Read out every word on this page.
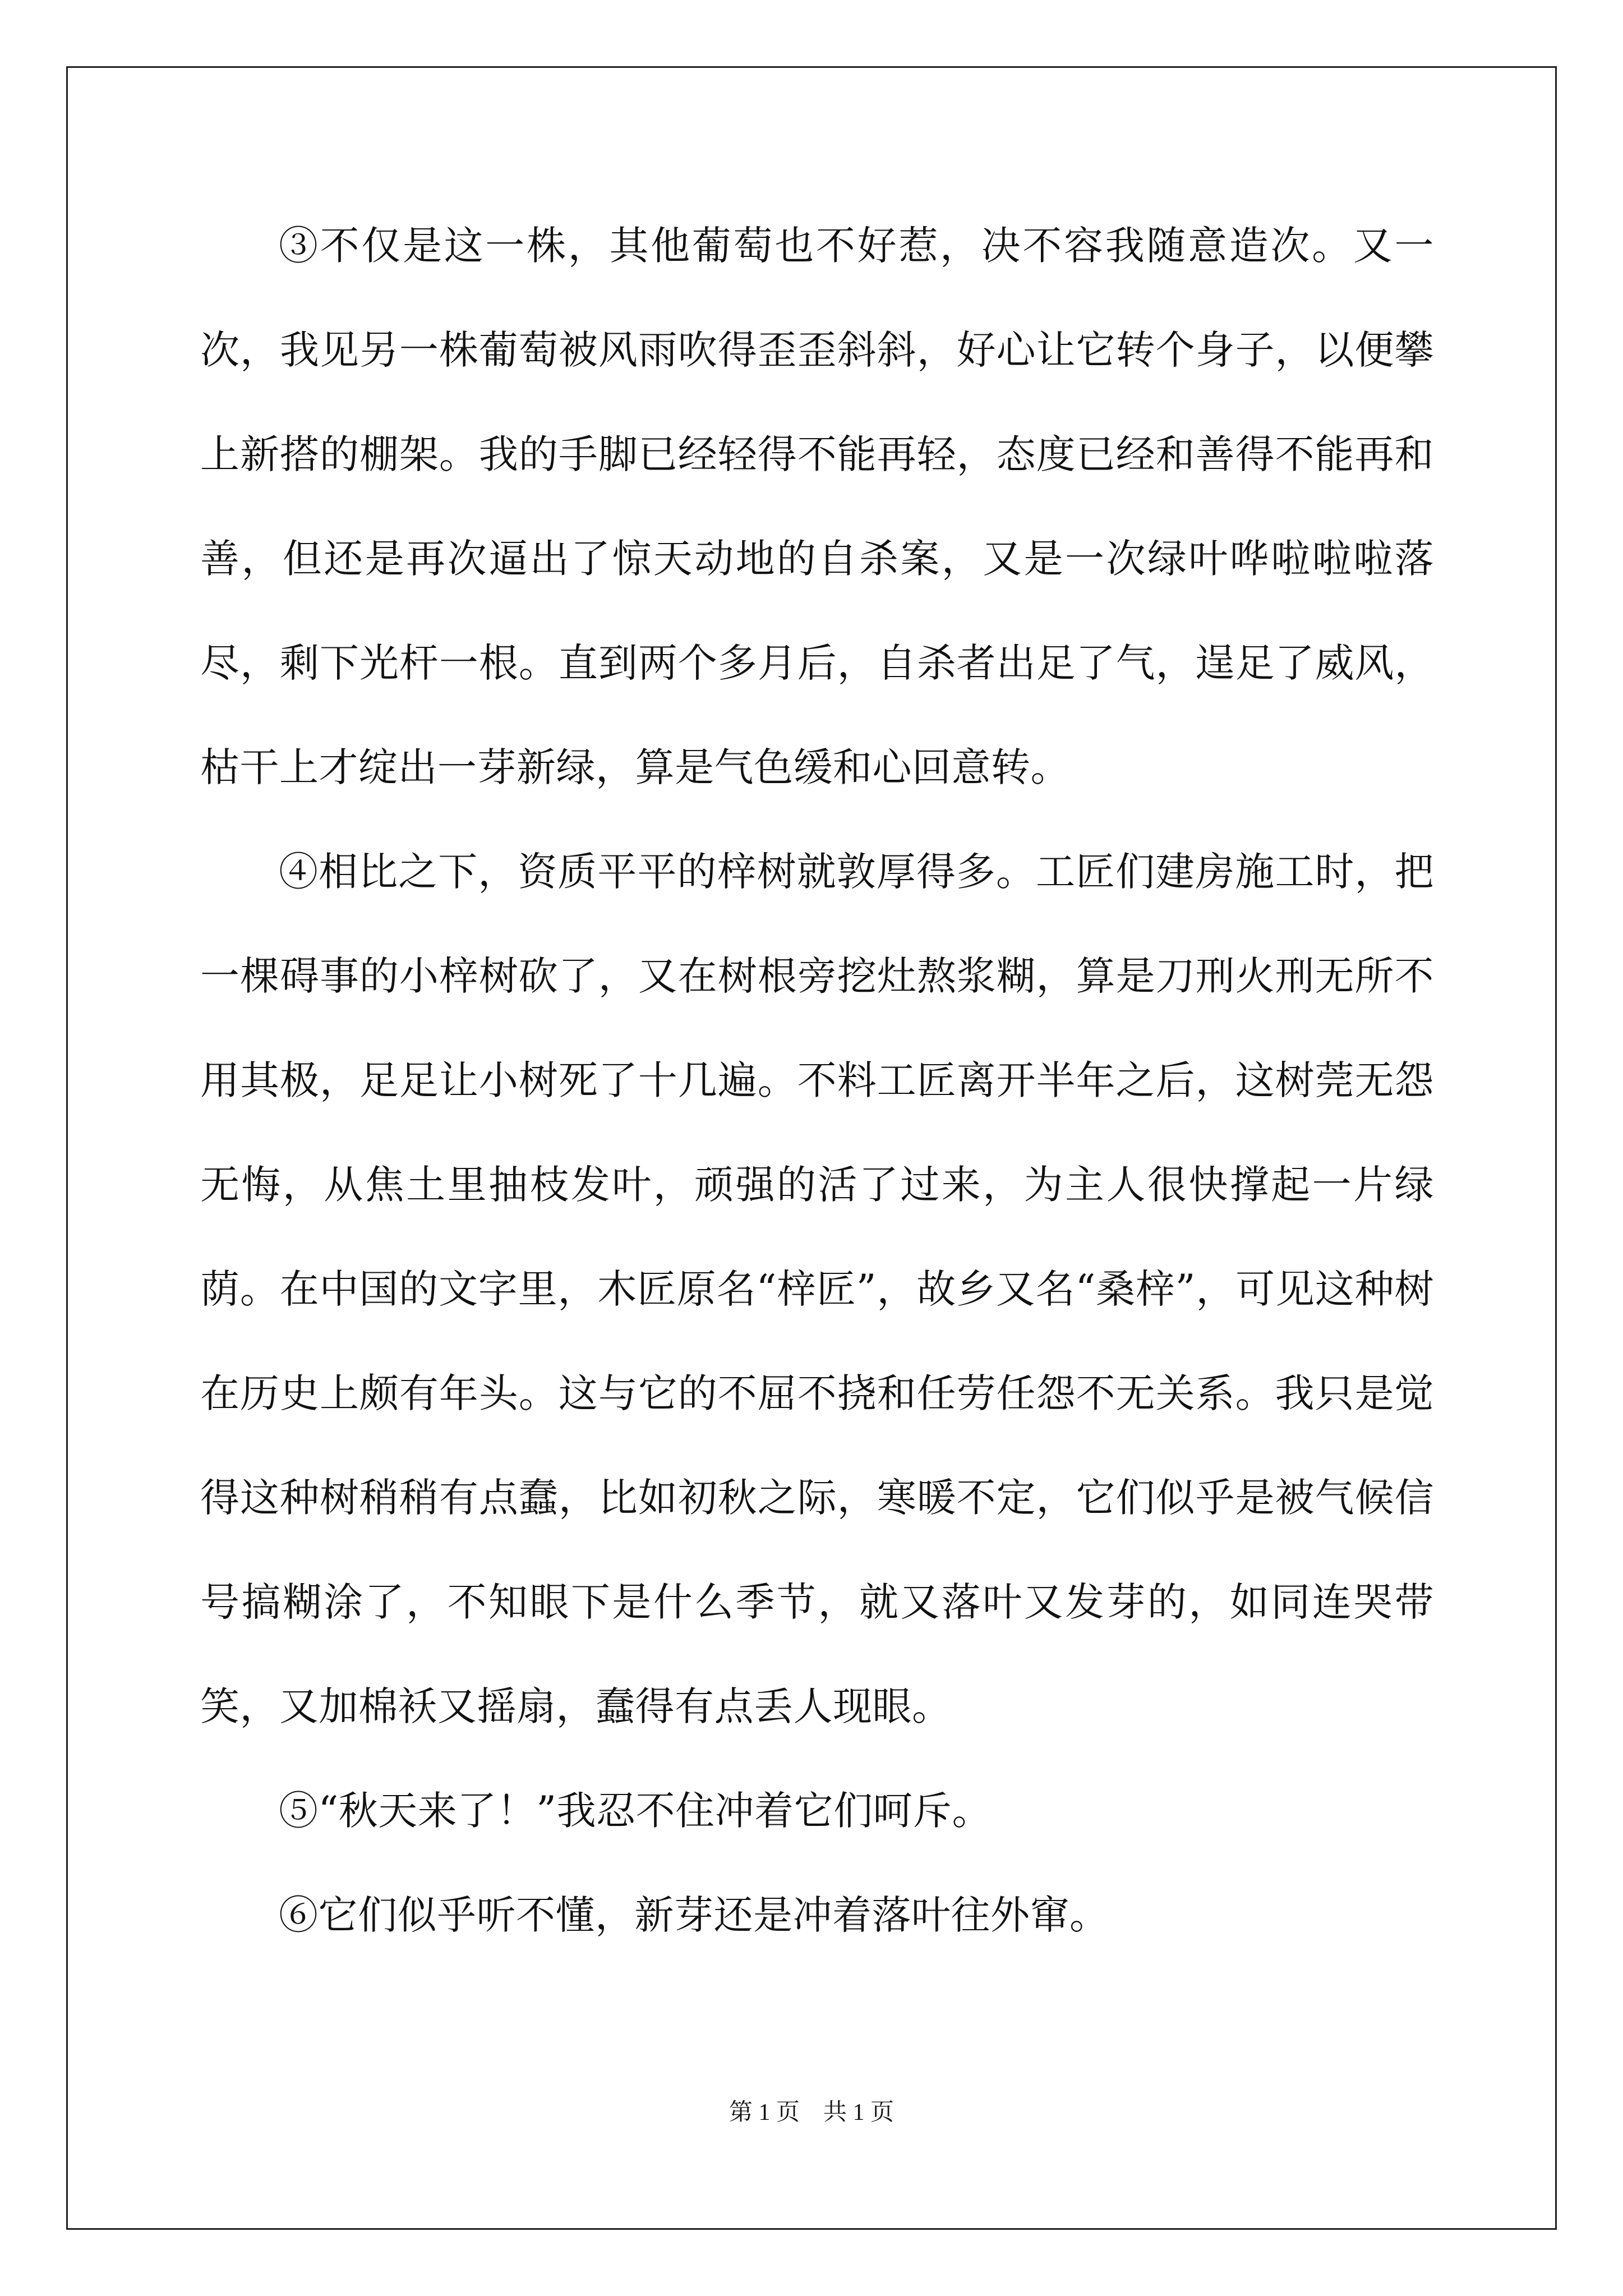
③不仅是这一株，其他葡萄也不好惹，决不容我随意造次。又一次，我见另一株葡萄被风雨吹得歪歪斜斜，好心让它转个身子，以便攀上新搭的棚架。我的手脚已经轻得不能再轻，态度已经和善得不能再和善，但还是再次逼出了惊天动地的自杀案，又是一次绿叶哗啦啦啦落尽，剩下光杆一根。直到两个多月后，自杀者出足了气，逞足了威风，枯干上才绽出一芽新绿，算是气色缓和心回意转。

④相比之下，资质平平的梓树就敦厚得多。工匠们建房施工时，把一棵碍事的小梓树砍了，又在树根旁挖灶熬浆糊，算是刀刑火刑无所不用其极，足足让小树死了十几遍。不料工匠离开半年之后，这树莞无怨无悔，从焦土里抽枝发叶，顽强的活了过来，为主人很快撑起一片绿荫。在中国的文字里，木匠原名“梓匠”，故乡又名“桑梓”，可见这种树在历史上颇有年头。这与它的不屈不挠和任劳任怨不无关系。我只是觉得这种树稍稍有点蠢，比如初秋之际，寒暖不定，它们似乎是被气候信号搞糊涂了，不知眼下是什么季节，就又落叶又发芽的，如同连哭带笑，又加棉袄又摇扇，蠢得有点丢人现眼。

⑤“秋天来了！”我忍不住冲着它们呵斥。

⑥它们似乎听不懂，新芽还是冲着落叶往外窜。

第 1 页    共 1 页
